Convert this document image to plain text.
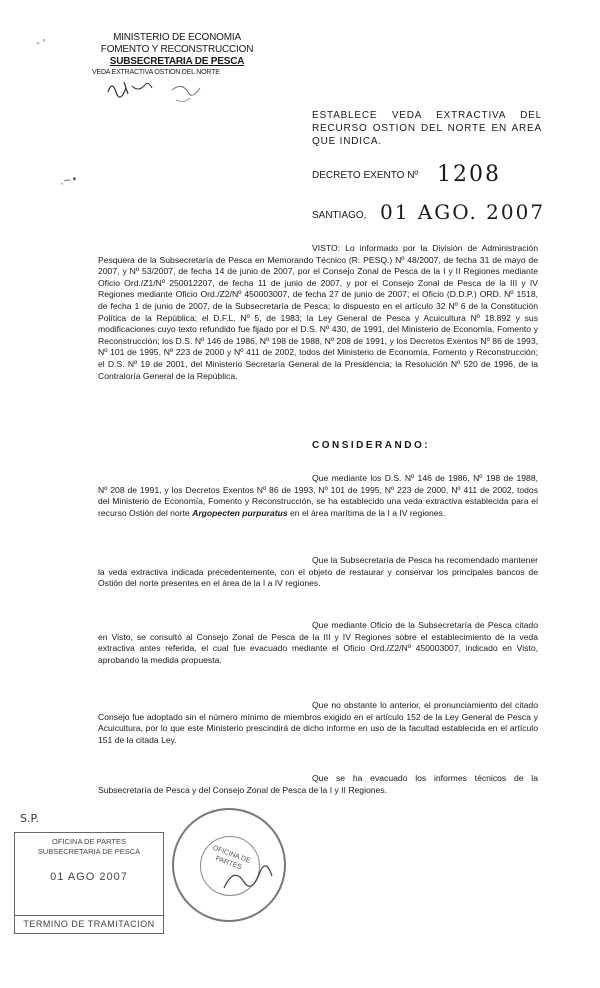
- '
.~∙
MINISTERIO DE ECONOMIA
FOMENTO Y RECONSTRUCCION
SUBSECRETARIA DE PESCA
VEDA EXTRACTIVA OSTION DEL NORTE
ESTABLECE VEDA EXTRACTIVA DEL RECURSO OSTION DEL NORTE EN AREA QUE INDICA.
DECRETO EXENTO Nº 1208
SANTIAGO, 01 AGO. 2007
VISTO: Lo informado por la División de Administración Pesquera de la Subsecretaría de Pesca en Memorando Técnico (R. PESQ.) Nº 48/2007, de fecha 31 de mayo de 2007, y Nº 53/2007, de fecha 14 de junio de 2007, por el Consejo Zonal de Pesca de la I y II Regiones mediante Oficio Ord./Z1/Nº 250012207, de fecha 11 de junio de 2007, y por el Consejo Zonal de Pesca de la III y IV Regiones mediante Oficio Ord./Z2/Nº 450003007, de fecha 27 de junio de 2007; el Oficio (D.D.P.) ORD. Nº 1518, de fecha 1 de junio de 2007, de la Subsecretaría de Pesca; lo dispuesto en el artículo 32 Nº 6 de la Constitución Política de la República; el D.F.L. Nº 5, de 1983; la Ley General de Pesca y Acuicultura Nº 18.892 y sus modificaciones cuyo texto refundido fue fijado por el D.S. Nº 430, de 1991, del Ministerio de Economía, Fomento y Reconstrucción; los D.S. Nº 146 de 1986, Nº 198 de 1988, Nº 208 de 1991, y los Decretos Exentos Nº 86 de 1993, Nº 101 de 1995, Nº 223 de 2000 y Nº 411 de 2002, todos del Ministerio de Economía, Fomento y Reconstrucción; el D.S. Nº 19 de 2001, del Ministerio Secretaría General de la Presidencia; la Resolución Nº 520 de 1996, de la Contraloría General de la República.
CONSIDERANDO:
Que mediante los D.S. Nº 146 de 1986, Nº 198 de 1988, Nº 208 de 1991, y los Decretos Exentos Nº 86 de 1993, Nº 101 de 1995, Nº 223 de 2000, Nº 411 de 2002, todos del Ministerio de Economía, Fomento y Reconstrucción, se ha establecido una veda extractiva establecida para el recurso Ostión del norte Argopecten purpuratus en el área marítima de la I a IV regiones.
Que la Subsecretaría de Pesca ha recomendado mantener la veda extractiva indicada precedentemente, con el objeto de restaurar y conservar los principales bancos de Ostión del norte presentes en el área de la I a IV regiones.
Que mediante Oficio de la Subsecretaría de Pesca citado en Visto, se consultó al Consejo Zonal de Pesca de la III y IV Regiones sobre el establecimiento de la veda extractiva antes referida, el cual fue evacuado mediante el Oficio Ord./Z2/Nº 450003007, indicado en Visto, aprobando la medida propuesta.
Que no obstante lo anterior, el pronunciamiento del citado Consejo fue adoptado sin el número mínimo de miembros exigido en el artículo 152 de la Ley General de Pesca y Acuicultura, por lo que este Ministerio prescindirá de dicho informe en uso de la facultad establecida en el artículo 151 de la citada Ley.
Que se ha evacuado los informes técnicos de la Subsecretaría de Pesca y del Consejo Zonal de Pesca de la I y II Regiones.
S.P.
OFICINA DE PARTES
SUBSECRETARIA DE PESCA
01 AGO 2007
TERMINO DE TRAMITACION
OFICINA DE PARTES
